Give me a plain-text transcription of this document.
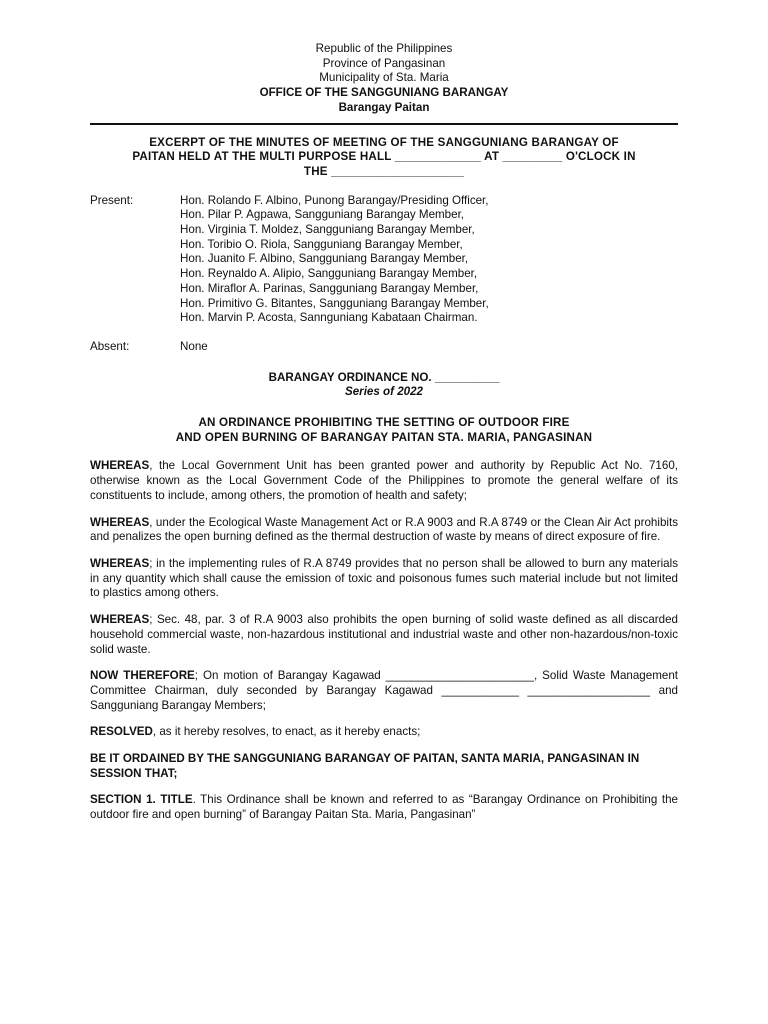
Republic of the Philippines
Province of Pangasinan
Municipality of Sta. Maria
OFFICE OF THE SANGGUNIANG BARANGAY
Barangay Paitan
EXCERPT OF THE MINUTES OF MEETING OF THE SANGGUNIANG BARANGAY OF
PAITAN HELD AT THE MULTI PURPOSE HALL _____________ AT _________ O'CLOCK IN
THE ____________________
Present:	Hon. Rolando F. Albino, Punong Barangay/Presiding Officer,
Hon. Pilar P. Agpawa, Sangguniang Barangay Member,
Hon. Virginia T. Moldez, Sangguniang Barangay Member,
Hon. Toribio O. Riola, Sangguniang Barangay Member,
Hon. Juanito F. Albino, Sangguniang Barangay Member,
Hon. Reynaldo A. Alipio, Sangguniang Barangay Member,
Hon. Miraflor A. Parinas, Sangguniang Barangay Member,
Hon. Primitivo G. Bitantes, Sangguniang Barangay Member,
Hon. Marvin P. Acosta, Sannguniang Kabataan Chairman.
Absent:	None
BARANGAY ORDINANCE NO. __________
Series of 2022
AN ORDINANCE PROHIBITING THE SETTING OF OUTDOOR FIRE
AND OPEN BURNING OF BARANGAY PAITAN STA. MARIA, PANGASINAN

WHEREAS, the Local Government Unit has been granted power and authority by Republic Act No. 7160, otherwise known as the Local Government Code of the Philippines to promote the general welfare of its constituents to include, among others, the promotion of health and safety;

WHEREAS, under the Ecological Waste Management Act or R.A 9003 and R.A 8749 or the Clean Air Act prohibits and penalizes the open burning defined as the thermal destruction of waste by means of direct exposure of fire.

WHEREAS; in the implementing rules of R.A 8749 provides that no person shall be allowed to burn any materials in any quantity which shall cause the emission of toxic and poisonous fumes such material include but not limited to plastics among others.

WHEREAS; Sec. 48, par. 3 of R.A 9003 also prohibits the open burning of solid waste defined as all discarded household commercial waste, non-hazardous institutional and industrial waste and other non-hazardous/non-toxic solid waste.

NOW THEREFORE; On motion of Barangay Kagawad _______________________, Solid Waste Management Committee Chairman, duly seconded by Barangay Kagawad ____________ ___________________ and Sangguniang Barangay Members;

RESOLVED, as it hereby resolves, to enact, as it hereby enacts;

BE IT ORDAINED BY THE SANGGUNIANG BARANGAY OF PAITAN, SANTA MARIA, PANGASINAN IN SESSION THAT;

SECTION 1. TITLE. This Ordinance shall be known and referred to as “Barangay Ordinance on Prohibiting the outdoor fire and open burning” of Barangay Paitan Sta. Maria, Pangasinan”
